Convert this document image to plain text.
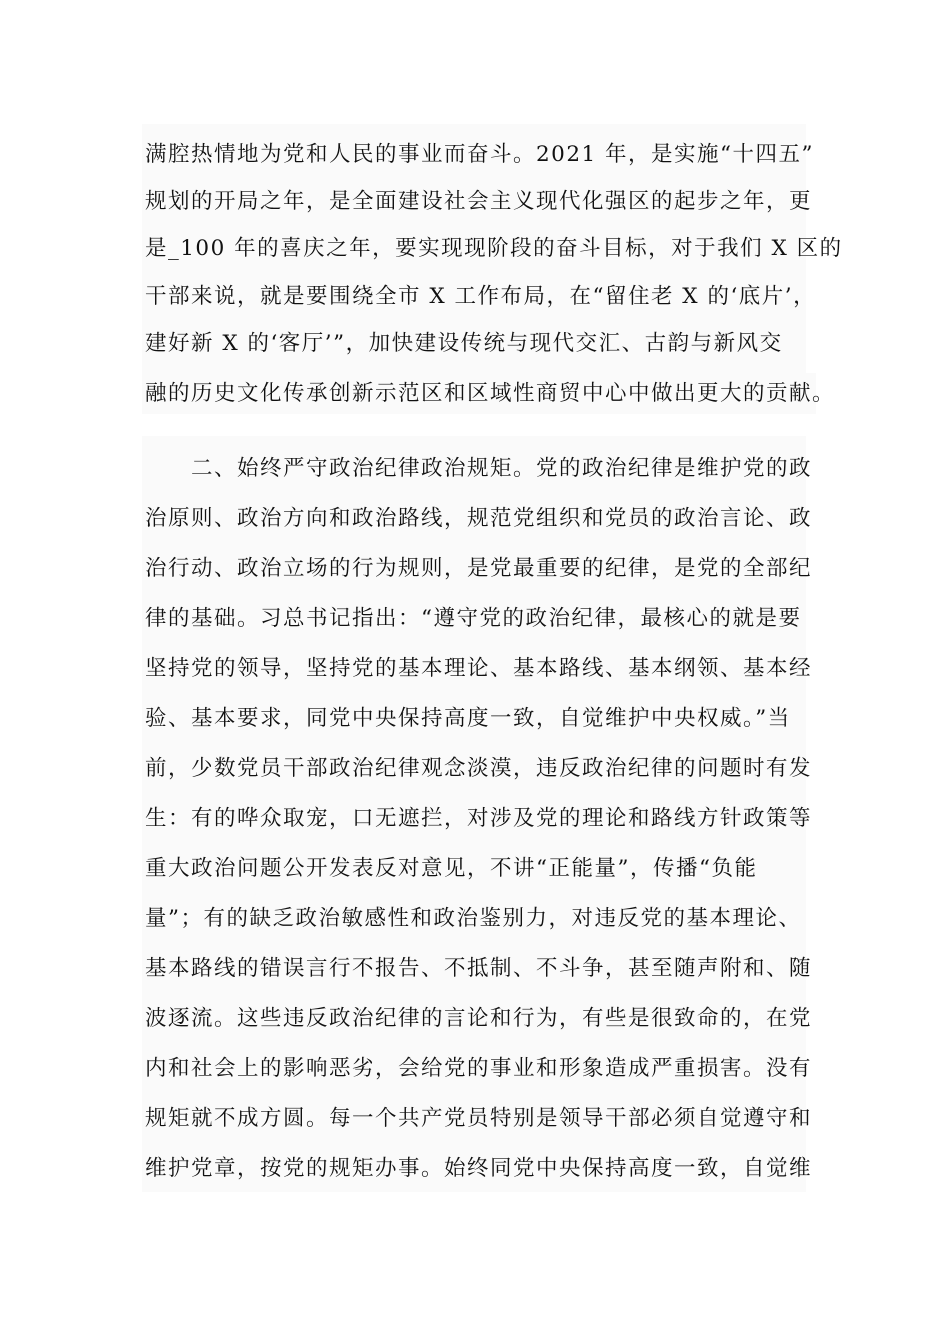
满腔热情地为党和人民的事业而奋斗。2021 年，是实施“十四五”
规划的开局之年，是全面建设社会主义现代化强区的起步之年，更
是_100 年的喜庆之年，要实现现阶段的奋斗目标，对于我们 X 区的
干部来说，就是要围绕全市 X 工作布局，在“留住老 X 的‘底片’，
建好新 X 的‘客厅’”，加快建设传统与现代交汇、古韵与新风交
融的历史文化传承创新示范区和区域性商贸中心中做出更大的贡献。
　　二、始终严守政治纪律政治规矩。党的政治纪律是维护党的政
治原则、政治方向和政治路线，规范党组织和党员的政治言论、政
治行动、政治立场的行为规则，是党最重要的纪律，是党的全部纪
律的基础。习总书记指出：“遵守党的政治纪律，最核心的就是要
坚持党的领导，坚持党的基本理论、基本路线、基本纲领、基本经
验、基本要求，同党中央保持高度一致，自觉维护中央权威。”当
前，少数党员干部政治纪律观念淡漠，违反政治纪律的问题时有发
生：有的哗众取宠，口无遮拦，对涉及党的理论和路线方针政策等
重大政治问题公开发表反对意见，不讲“正能量”，传播“负能
量”；有的缺乏政治敏感性和政治鉴别力，对违反党的基本理论、
基本路线的错误言行不报告、不抵制、不斗争，甚至随声附和、随
波逐流。这些违反政治纪律的言论和行为，有些是很致命的，在党
内和社会上的影响恶劣，会给党的事业和形象造成严重损害。没有
规矩就不成方圆。每一个共产党员特别是领导干部必须自觉遵守和
维护党章，按党的规矩办事。始终同党中央保持高度一致，自觉维
